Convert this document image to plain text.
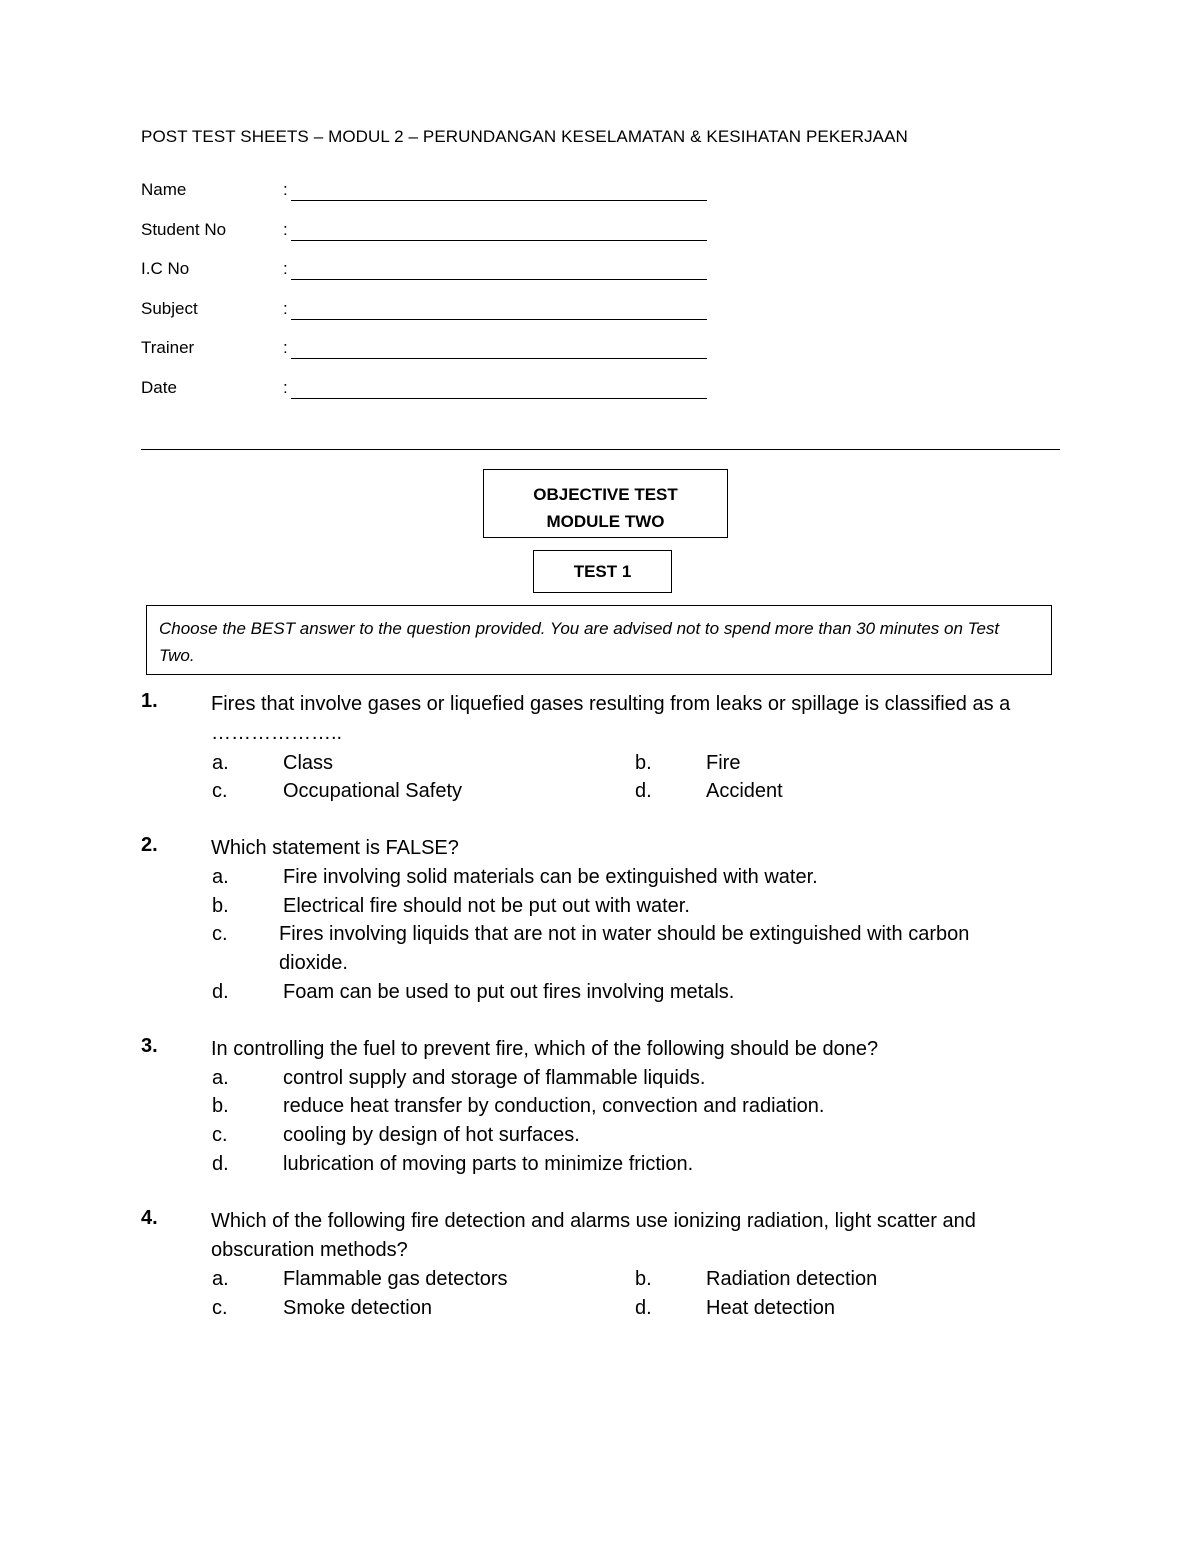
POST TEST SHEETS – MODUL 2 – PERUNDANGAN KESELAMATAN & KESIHATAN PEKERJAAN
Name	:
Student No	:
I.C No	:
Subject	:
Trainer	:
Date	:
OBJECTIVE TEST
MODULE TWO
TEST 1
Choose the BEST answer to the question provided. You are advised not to spend more than 30 minutes on Test Two.
1.	Fires that involve gases or liquefied gases resulting from leaks or spillage is classified as a ………………..
a.	Class	b.	Fire
c.	Occupational Safety	d.	Accident
2.	Which statement is FALSE?
a.	Fire involving solid materials can be extinguished with water.
b.	Electrical fire should not be put out with water.
c.	Fires involving liquids that are not in water should be extinguished with carbon dioxide.
d.	Foam can be used to put out fires involving metals.
3.	In controlling the fuel to prevent fire, which of the following should be done?
a.	control supply and storage of flammable liquids.
b.	reduce heat transfer by conduction, convection and radiation.
c.	cooling by design of hot surfaces.
d.	lubrication of moving parts to minimize friction.
4.	Which of the following fire detection and alarms use ionizing radiation, light scatter and obscuration methods?
a.	Flammable gas detectors	b.	Radiation detection
c.	Smoke detection	d.	Heat detection
